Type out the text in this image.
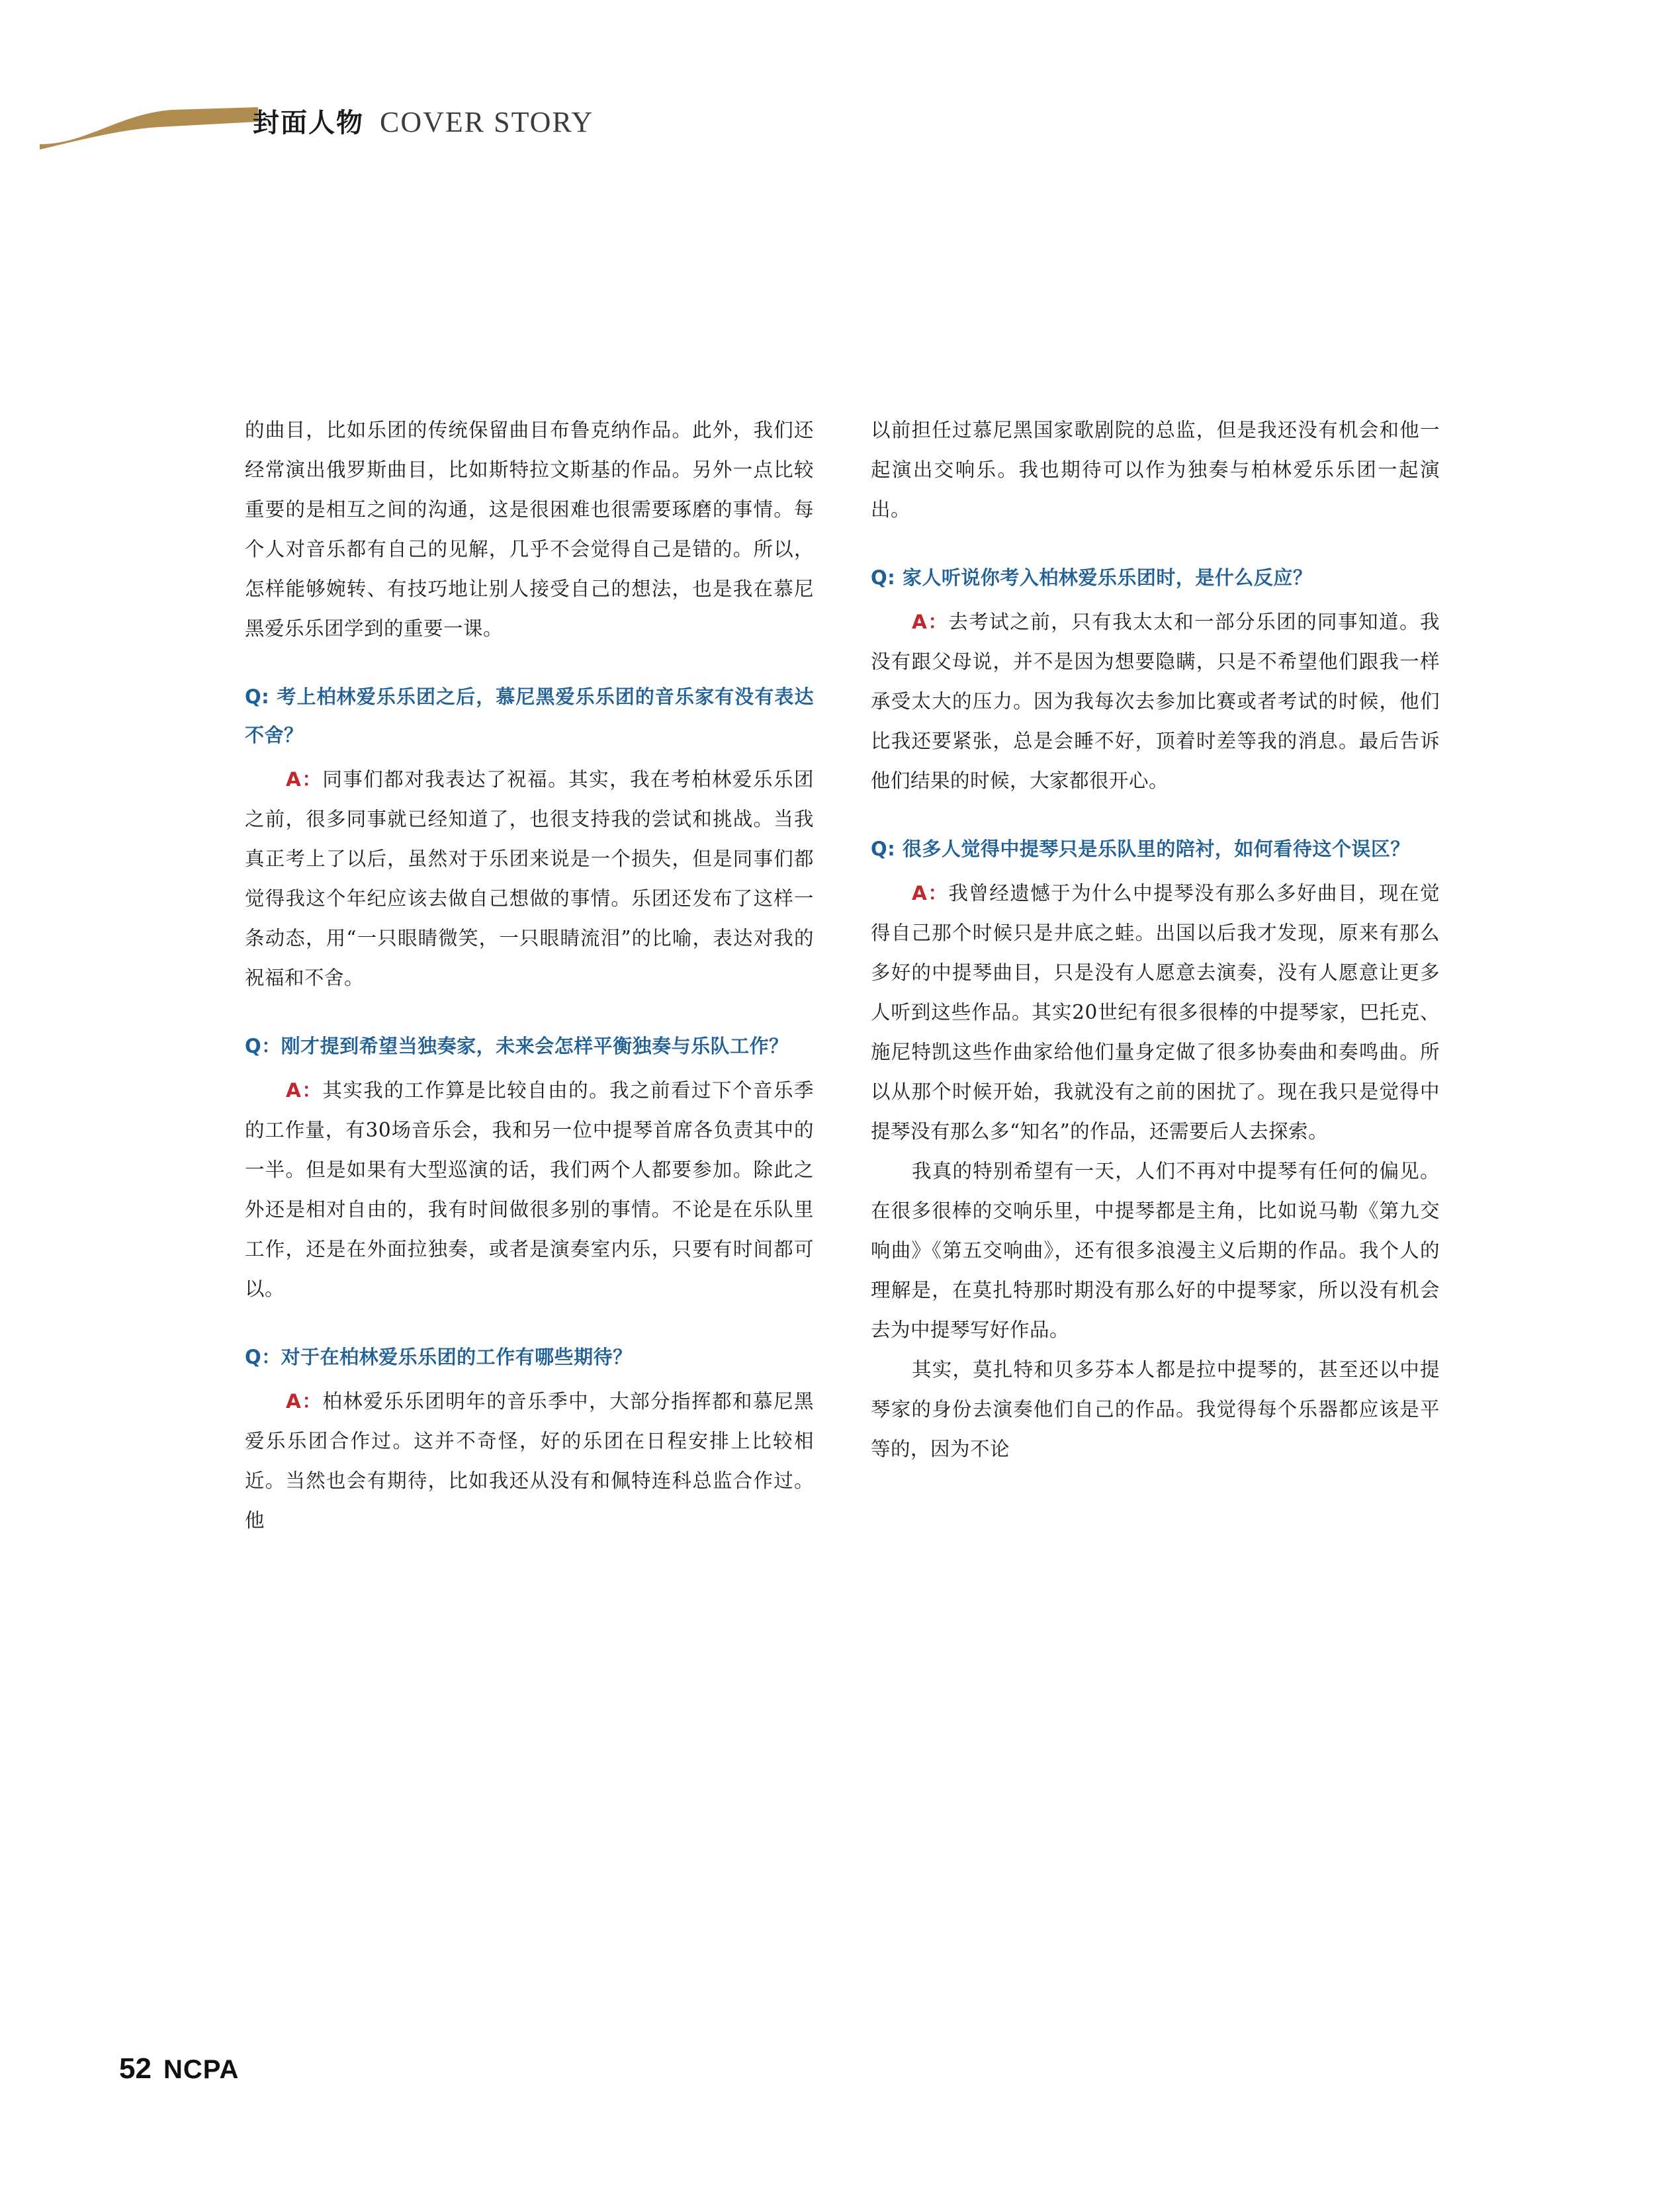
封面人物 COVER STORY

的曲目，比如乐团的传统保留曲目布鲁克纳作品。此外，我们还经常演出俄罗斯曲目，比如斯特拉文斯基的作品。另外一点比较重要的是相互之间的沟通，这是很困难也很需要琢磨的事情。每个人对音乐都有自己的见解，几乎不会觉得自己是错的。所以，怎样能够婉转、有技巧地让别人接受自己的想法，也是我在慕尼黑爱乐乐团学到的重要一课。

Q: 考上柏林爱乐乐团之后，慕尼黑爱乐乐团的音乐家有没有表达不舍？

A：同事们都对我表达了祝福。其实，我在考柏林爱乐乐团之前，很多同事就已经知道了，也很支持我的尝试和挑战。当我真正考上了以后，虽然对于乐团来说是一个损失，但是同事们都觉得我这个年纪应该去做自己想做的事情。乐团还发布了这样一条动态，用“一只眼睛微笑，一只眼睛流泪”的比喻，表达对我的祝福和不舍。

Q：刚才提到希望当独奏家，未来会怎样平衡独奏与乐队工作？

A：其实我的工作算是比较自由的。我之前看过下个音乐季的工作量，有30场音乐会，我和另一位中提琴首席各负责其中的一半。但是如果有大型巡演的话，我们两个人都要参加。除此之外还是相对自由的，我有时间做很多别的事情。不论是在乐队里工作，还是在外面拉独奏，或者是演奏室内乐，只要有时间都可以。

Q：对于在柏林爱乐乐团的工作有哪些期待？

A：柏林爱乐乐团明年的音乐季中，大部分指挥都和慕尼黑爱乐乐团合作过。这并不奇怪，好的乐团在日程安排上比较相近。当然也会有期待，比如我还从没有和佩特连科总监合作过。他

以前担任过慕尼黑国家歌剧院的总监，但是我还没有机会和他一起演出交响乐。我也期待可以作为独奏与柏林爱乐乐团一起演出。

Q: 家人听说你考入柏林爱乐乐团时，是什么反应？

A：去考试之前，只有我太太和一部分乐团的同事知道。我没有跟父母说，并不是因为想要隐瞒，只是不希望他们跟我一样承受太大的压力。因为我每次去参加比赛或者考试的时候，他们比我还要紧张，总是会睡不好，顶着时差等我的消息。最后告诉他们结果的时候，大家都很开心。

Q: 很多人觉得中提琴只是乐队里的陪衬，如何看待这个误区？

A：我曾经遗憾于为什么中提琴没有那么多好曲目，现在觉得自己那个时候只是井底之蛙。出国以后我才发现，原来有那么多好的中提琴曲目，只是没有人愿意去演奏，没有人愿意让更多人听到这些作品。其实20世纪有很多很棒的中提琴家，巴托克、施尼特凯这些作曲家给他们量身定做了很多协奏曲和奏鸣曲。所以从那个时候开始，我就没有之前的困扰了。现在我只是觉得中提琴没有那么多“知名”的作品，还需要后人去探索。

我真的特别希望有一天，人们不再对中提琴有任何的偏见。在很多很棒的交响乐里，中提琴都是主角，比如说马勒《第九交响曲》《第五交响曲》，还有很多浪漫主义后期的作品。我个人的理解是，在莫扎特那时期没有那么好的中提琴家，所以没有机会去为中提琴写好作品。

其实，莫扎特和贝多芬本人都是拉中提琴的，甚至还以中提琴家的身份去演奏他们自己的作品。我觉得每个乐器都应该是平等的，因为不论

52 NCPA
